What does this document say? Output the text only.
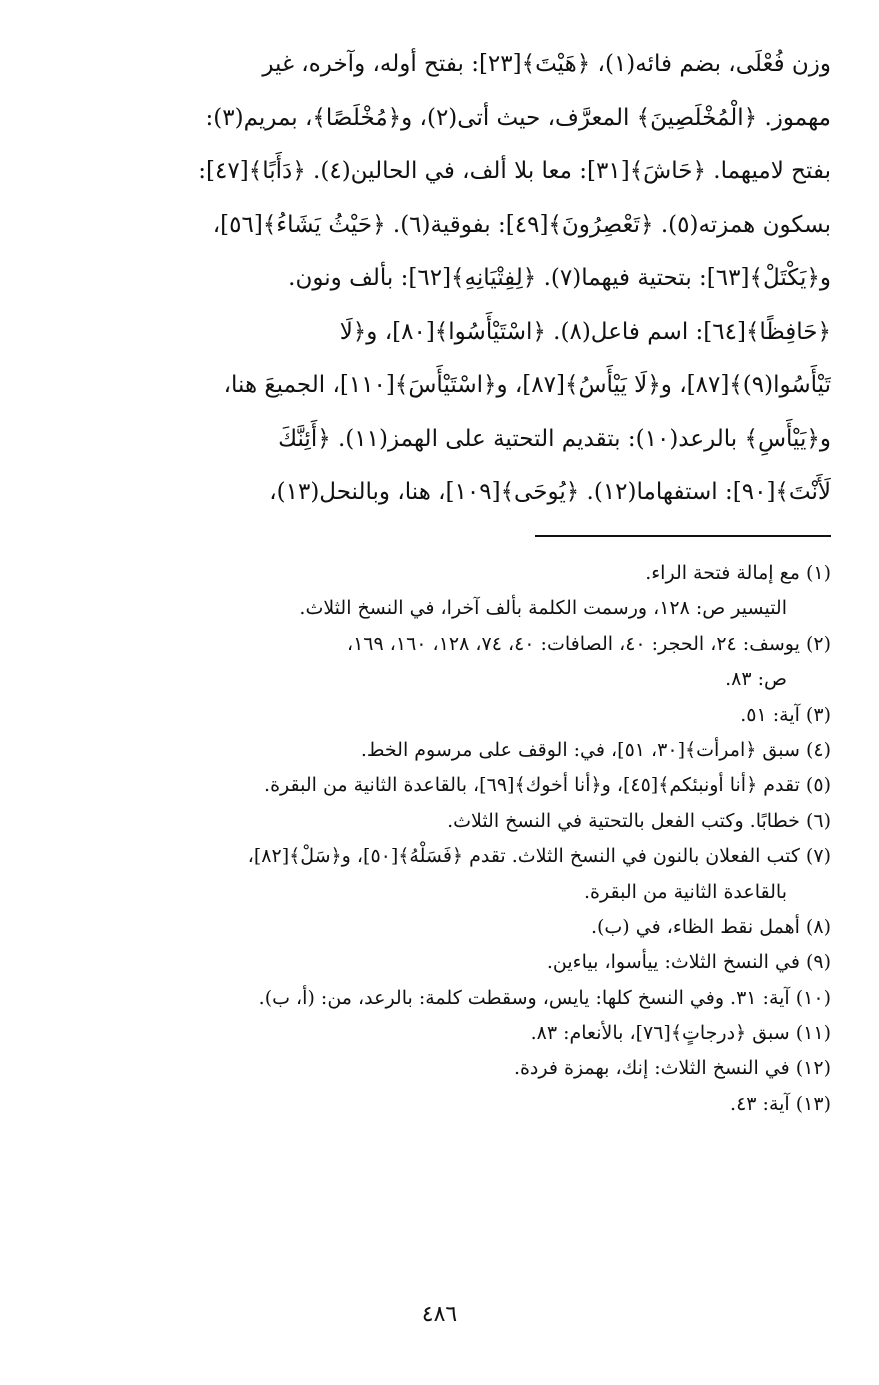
وزن فُعْلَى، بضم فائه(١)، ﴿هَيْتَ﴾[٢٣]: بفتح أوله، وآخره، غير
مهموز. ﴿الْمُخْلَصِينَ﴾ المعرَّف، حيث أتى(٢)، و﴿مُخْلَصًا﴾، بمريم(٣):
بفتح لاميهما. ﴿حَاشَ﴾[٣١]: معا بلا ألف، في الحالين(٤). ﴿دَأَبًا﴾[٤٧]:
بسكون همزته(٥). ﴿تَعْصِرُونَ﴾[٤٩]: بفوقية(٦). ﴿حَيْثُ يَشَاءُ﴾[٥٦]،
و﴿يَكْتَلْ﴾[٦٣]: بتحتية فيهما(٧). ﴿لِفِتْيَانِهِ﴾[٦٢]: بألف ونون.
﴿حَافِظًا﴾[٦٤]: اسم فاعل(٨). ﴿اسْتَيْأَسُوا﴾[٨٠]، و﴿لَا
تَيْأَسُوا(٩)﴾[٨٧]، و﴿لَا يَيْأَسُ﴾[٨٧]، و﴿اسْتَيْأَسَ﴾[١١٠]، الجميعَ هنا،
و﴿يَيْأَسِ﴾ بالرعد(١٠): بتقديم التحتية على الهمز(١١). ﴿أَئِنَّكَ
لَأَنْتَ﴾[٩٠]: استفهاما(١٢). ﴿يُوحَى﴾[١٠٩]، هنا، وبالنحل(١٣)،
(١) مع إمالة فتحة الراء.
التيسير ص: ١٢٨، ورسمت الكلمة بألف آخرا، في النسخ الثلاث.
(٢) يوسف: ٢٤، الحجر: ٤٠، الصافات: ٤٠، ٧٤، ١٢٨، ١٦٠، ١٦٩،
ص: ٨٣.
(٣) آية: ٥١.
(٤) سبق ﴿امرأت﴾[٣٠، ٥١]، في: الوقف على مرسوم الخط.
(٥) تقدم ﴿أنا أونبئكم﴾[٤٥]، و﴿أنا أخوك﴾[٦٩]، بالقاعدة الثانية من البقرة.
(٦) خطابًا. وكتب الفعل بالتحتية في النسخ الثلاث.
(٧) كتب الفعلان بالنون في النسخ الثلاث. تقدم ﴿فَسَلْهُ﴾[٥٠]، و﴿سَلْ﴾[٨٢]،
بالقاعدة الثانية من البقرة.
(٨) أهمل نقط الظاء، في (ب).
(٩) في النسخ الثلاث: ييأسوا، بياءين.
(١٠) آية: ٣١. وفي النسخ كلها: يايس، وسقطت كلمة: بالرعد، من: (أ، ب).
(١١) سبق ﴿درجاتٍ﴾[٧٦]، بالأنعام: ٨٣.
(١٢) في النسخ الثلاث: إنك، بهمزة فردة.
(١٣) آية: ٤٣.
٤٨٦
